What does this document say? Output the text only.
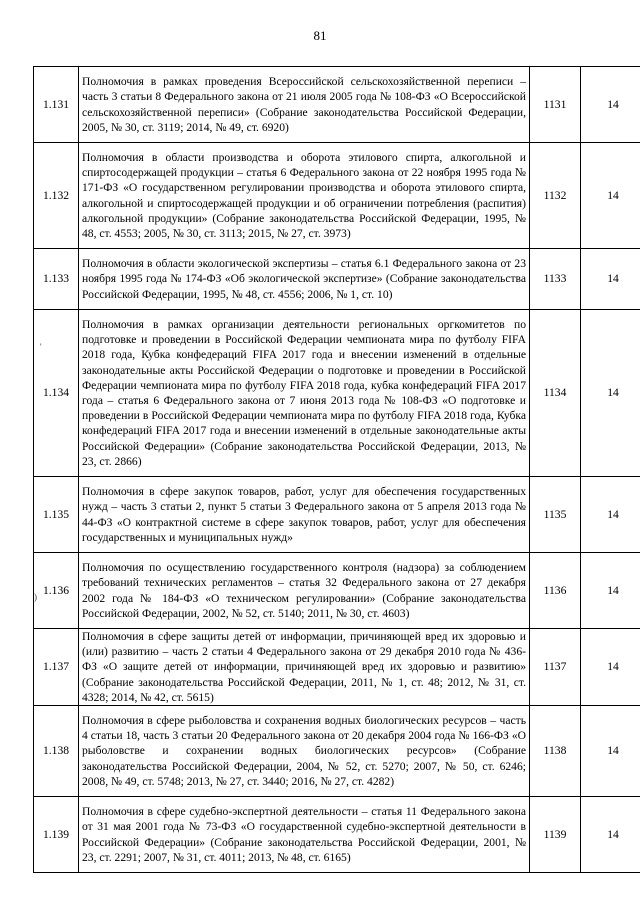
81
'
)
1.131	Полномочия в рамках проведения Всероссийской сельскохозяйственной переписи – часть 3 статьи 8 Федерального закона от 21 июля 2005 года № 108-ФЗ «О Всероссийской сельскохозяйственной переписи» (Собрание законодательства Российской Федерации, 2005, № 30, ст. 3119; 2014, № 49, ст. 6920)	1131	14
1.132	Полномочия в области производства и оборота этилового спирта, алкогольной и спиртосодержащей продукции – статья 6 Федерального закона от 22 ноября 1995 года № 171-ФЗ «О государственном регулировании производства и оборота этилового спирта, алкогольной и спиртосодержащей продукции и об ограничении потребления (распития) алкогольной продукции» (Собрание законодательства Российской Федерации, 1995, № 48, ст. 4553; 2005, № 30, ст. 3113; 2015, № 27, ст. 3973)	1132	14
1.133	Полномочия в области экологической экспертизы – статья 6.1 Федерального закона от 23 ноября 1995 года № 174-ФЗ «Об экологической экспертизе» (Собрание законодательства Российской Федерации, 1995, № 48, ст. 4556; 2006, № 1, ст. 10)	1133	14
1.134	Полномочия в рамках организации деятельности региональных оргкомитетов по подготовке и проведении в Российской Федерации чемпионата мира по футболу FIFA 2018 года, Кубка конфедераций FIFA 2017 года и внесении изменений в отдельные законодательные акты Российской Федерации о подготовке и проведении в Российской Федерации чемпионата мира по футболу FIFA 2018 года, кубка конфедераций FIFA 2017 года – статья 6 Федерального закона от 7 июня 2013 года № 108-ФЗ «О подготовке и проведении в Российской Федерации чемпионата мира по футболу FIFA 2018 года, Кубка конфедераций FIFA 2017 года и внесении изменений в отдельные законодательные акты Российской Федерации» (Собрание законодательства Российской Федерации, 2013, № 23, ст. 2866)	1134	14
1.135	Полномочия в сфере закупок товаров, работ, услуг для обеспечения государственных нужд – часть 3 статьи 2, пункт 5 статьи 3 Федерального закона от 5 апреля 2013 года № 44-ФЗ «О контрактной системе в сфере закупок товаров, работ, услуг для обеспечения государственных и муниципальных нужд»	1135	14
1.136	Полномочия по осуществлению государственного контроля (надзора) за соблюдением требований технических регламентов – статья 32 Федерального закона от 27 декабря 2002 года № 184-ФЗ «О техническом регулировании» (Собрание законодательства Российской Федерации, 2002, № 52, ст. 5140; 2011, № 30, ст. 4603)	1136	14
1.137	Полномочия в сфере защиты детей от информации, причиняющей вред их здоровью и (или) развитию – часть 2 статьи 4 Федерального закона от 29 декабря 2010 года № 436-ФЗ «О защите детей от информации, причиняющей вред их здоровью и развитию» (Собрание законодательства Российской Федерации, 2011, № 1, ст. 48; 2012, № 31, ст. 4328; 2014, № 42, ст. 5615)	1137	14
1.138	Полномочия в сфере рыболовства и сохранения водных биологических ресурсов – часть 4 статьи 18, часть 3 статьи 20 Федерального закона от 20 декабря 2004 года № 166-ФЗ «О рыболовстве и сохранении водных биологических ресурсов» (Собрание законодательства Российской Федерации, 2004, № 52, ст. 5270; 2007, № 50, ст. 6246; 2008, № 49, ст. 5748; 2013, № 27, ст. 3440; 2016, № 27, ст. 4282)	1138	14
1.139	Полномочия в сфере судебно-экспертной деятельности – статья 11 Федерального закона от 31 мая 2001 года № 73-ФЗ «О государственной судебно-экспертной деятельности в Российской Федерации» (Собрание законодательства Российской Федерации, 2001, № 23, ст. 2291; 2007, № 31, ст. 4011; 2013, № 48, ст. 6165)	1139	14
